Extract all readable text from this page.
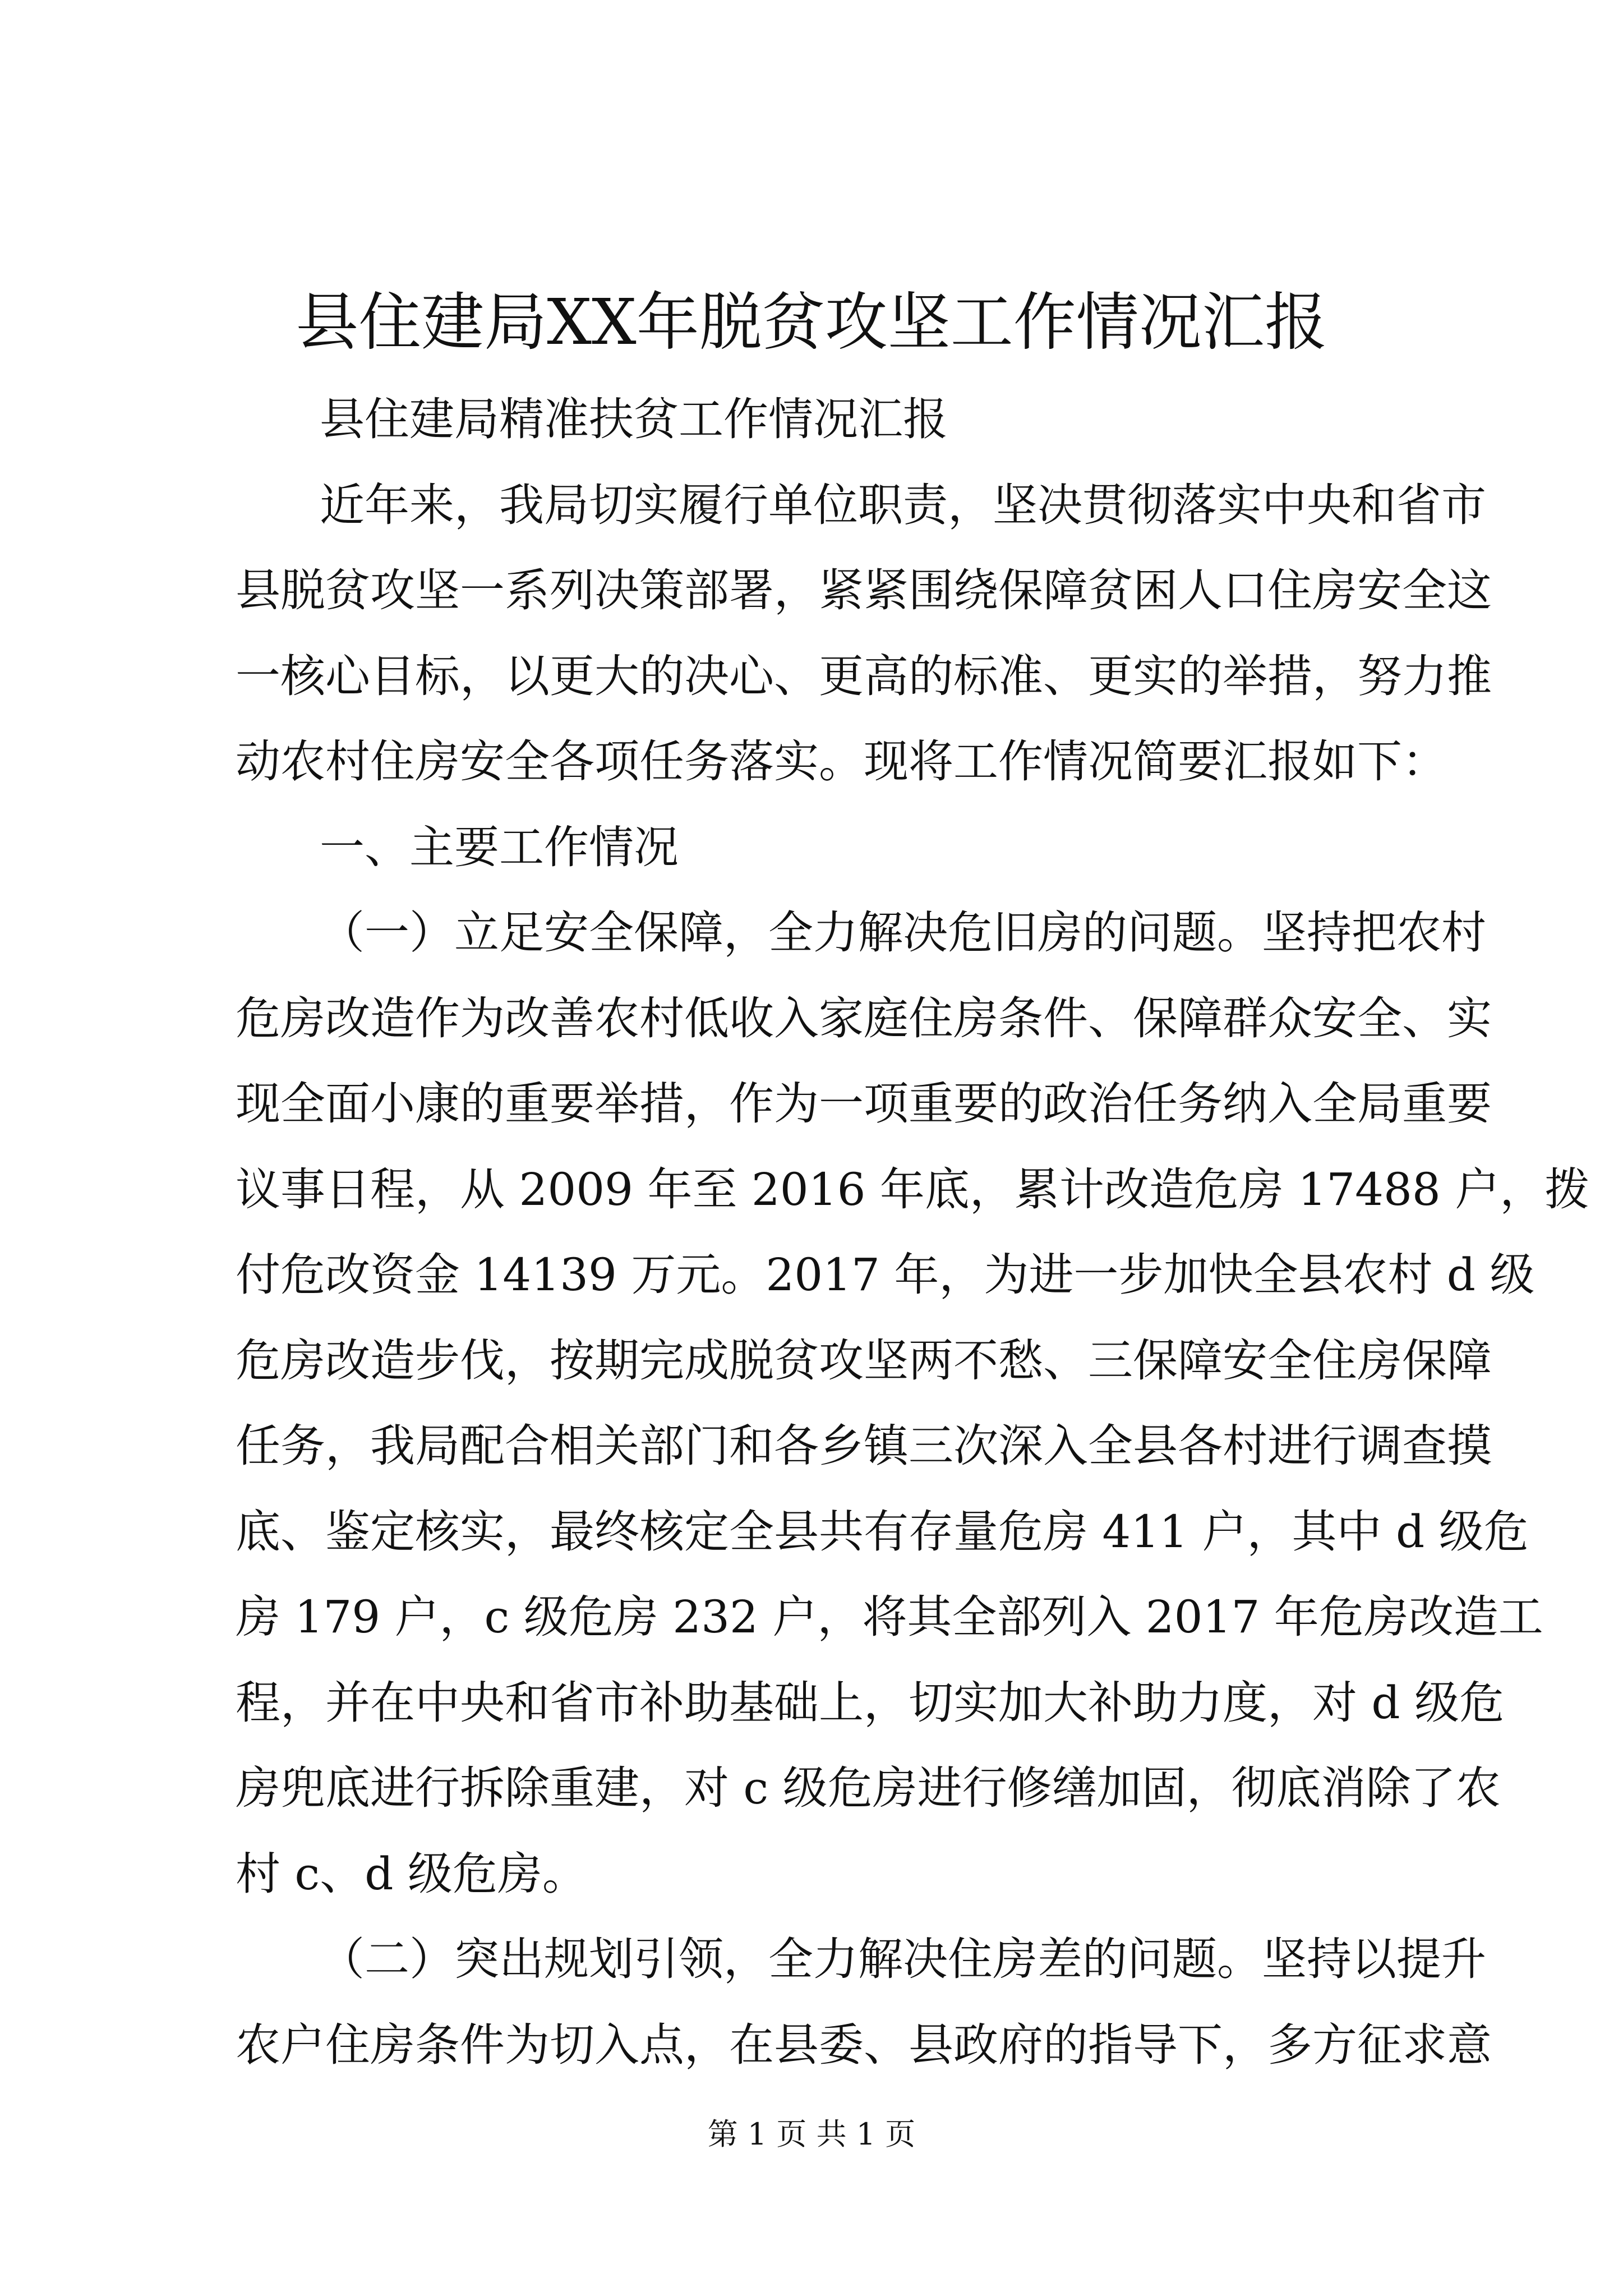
县住建局XX年脱贫攻坚工作情况汇报
县住建局精准扶贫工作情况汇报
近年来，我局切实履行单位职责，坚决贯彻落实中央和省市
县脱贫攻坚一系列决策部署，紧紧围绕保障贫困人口住房安全这
一核心目标，以更大的决心、更高的标准、更实的举措，努力推
动农村住房安全各项任务落实。现将工作情况简要汇报如下：
一、主要工作情况
（一）立足安全保障，全力解决危旧房的问题。坚持把农村
危房改造作为改善农村低收入家庭住房条件、保障群众安全、实
现全面小康的重要举措，作为一项重要的政治任务纳入全局重要
议事日程，从 2009 年至 2016 年底，累计改造危房 17488 户，拨
付危改资金 14139 万元。2017 年，为进一步加快全县农村 d 级
危房改造步伐，按期完成脱贫攻坚两不愁、三保障安全住房保障
任务，我局配合相关部门和各乡镇三次深入全县各村进行调查摸
底、鉴定核实，最终核定全县共有存量危房 411 户，其中 d 级危
房 179 户，c 级危房 232 户，将其全部列入 2017 年危房改造工
程，并在中央和省市补助基础上，切实加大补助力度，对 d 级危
房兜底进行拆除重建，对 c 级危房进行修缮加固，彻底消除了农
村 c、d 级危房。
（二）突出规划引领，全力解决住房差的问题。坚持以提升
农户住房条件为切入点，在县委、县政府的指导下，多方征求意
第 1 页 共 1 页
